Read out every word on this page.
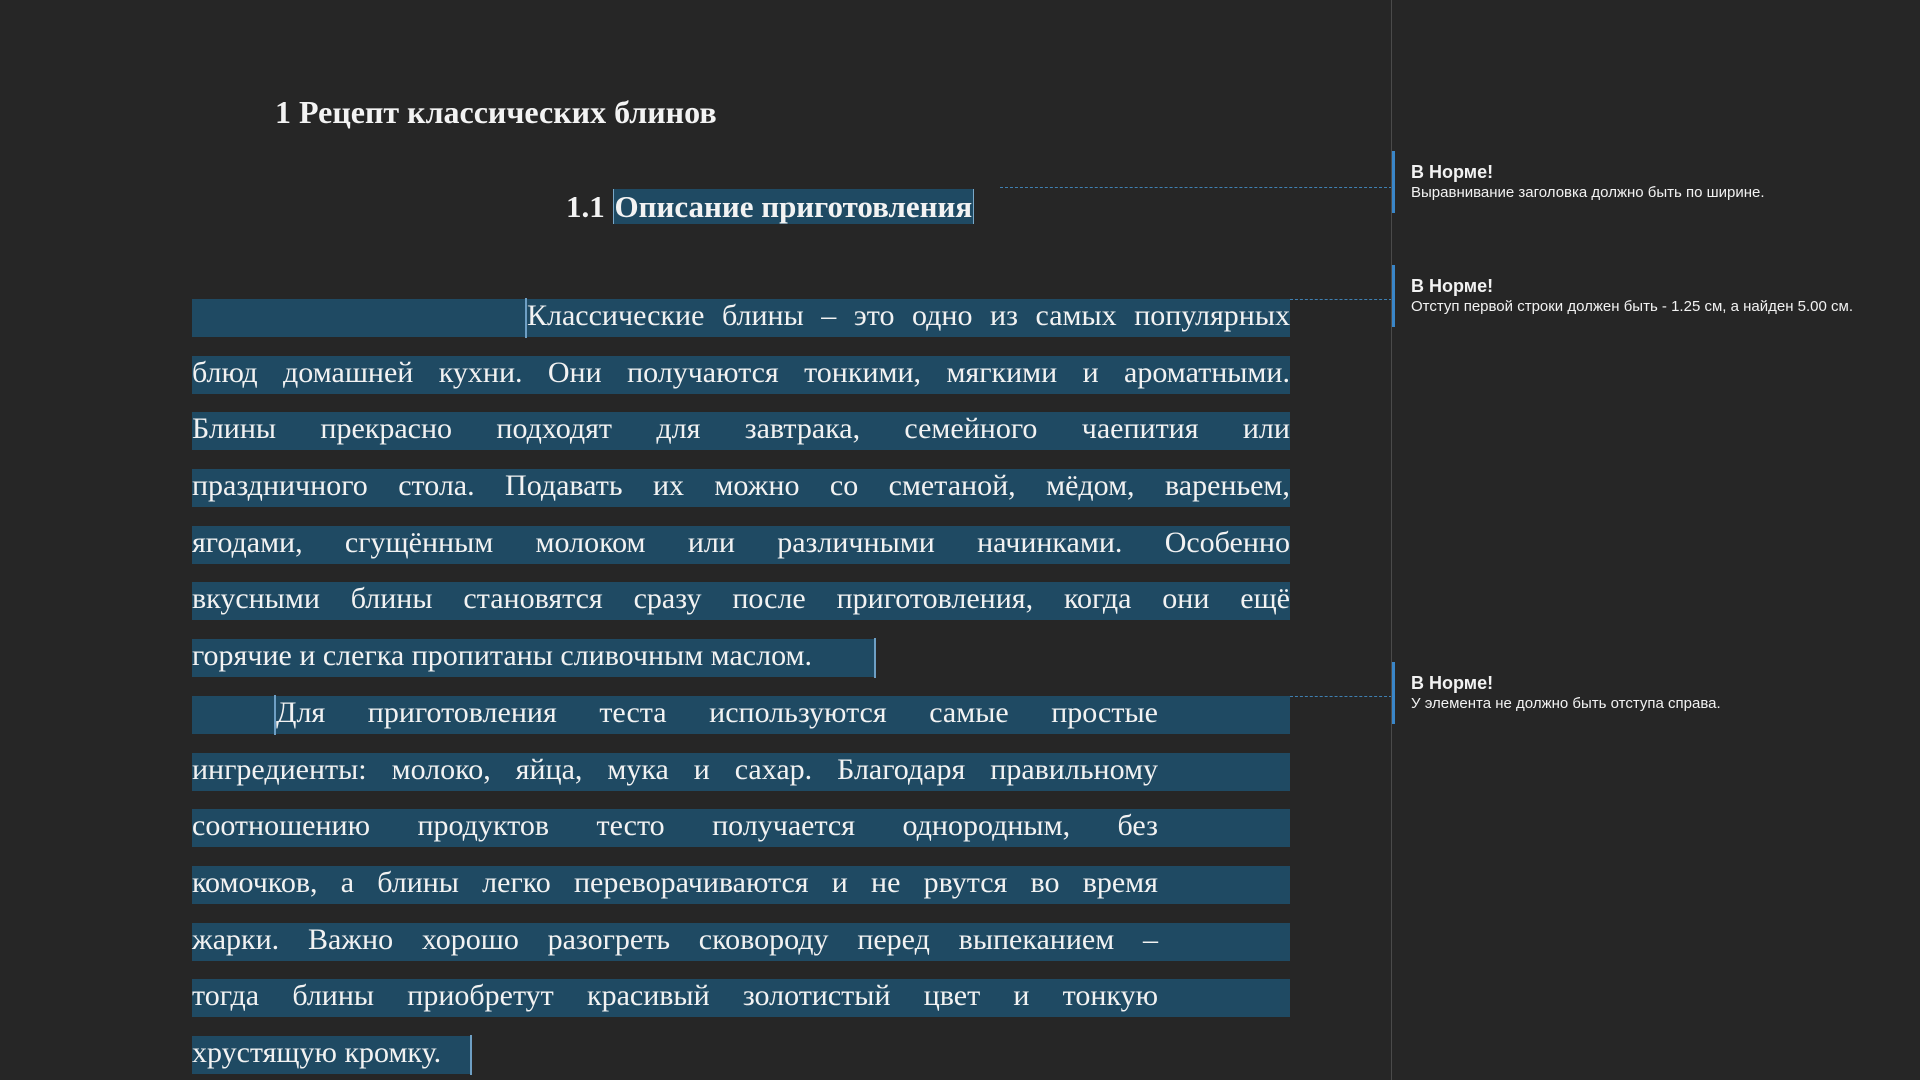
1 Рецепт классических блинов
1.1 Описание приготовления
Классические блины – это одно из самых популярных
блюд домашней кухни. Они получаются тонкими, мягкими и ароматными.
Блины прекрасно подходят для завтрака, семейного чаепития или
праздничного стола. Подавать их можно со сметаной, мёдом, вареньем,
ягодами, сгущённым молоком или различными начинками. Особенно
вкусными блины становятся сразу после приготовления, когда они ещё
горячие и слегка пропитаны сливочным маслом.
Для приготовления теста используются самые простые
ингредиенты: молоко, яйца, мука и сахар. Благодаря правильному
соотношению продуктов тесто получается однородным, без
комочков, а блины легко переворачиваются и не рвутся во время
жарки. Важно хорошо разогреть сковороду перед выпеканием –
тогда блины приобретут красивый золотистый цвет и тонкую
хрустящую кромку.
В Норме!
Выравнивание заголовка должно быть по ширине.
В Норме!
Отступ первой строки должен быть - 1.25 см, а найден 5.00 см.
В Норме!
У элемента не должно быть отступа справа.
